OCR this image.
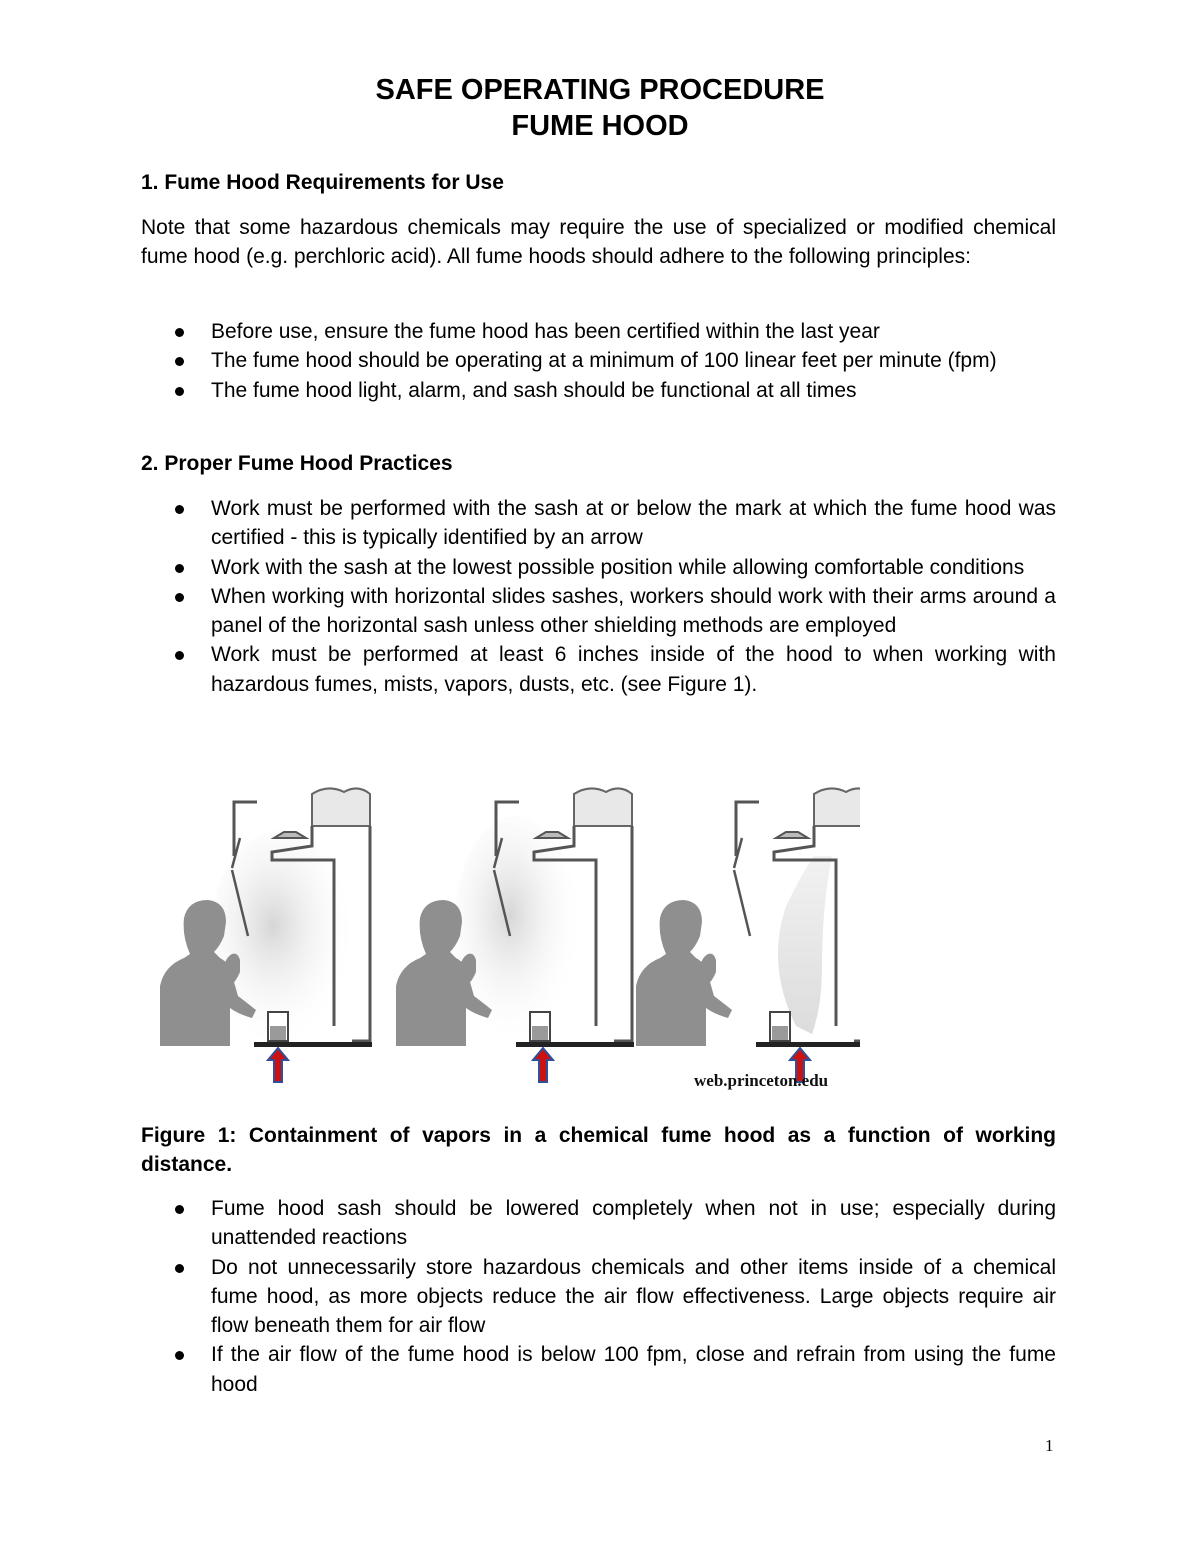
SAFE OPERATING PROCEDURE
FUME HOOD
1. Fume Hood Requirements for Use
Note that some hazardous chemicals may require the use of specialized or modified chemical fume hood (e.g. perchloric acid). All fume hoods should adhere to the following principles:
Before use, ensure the fume hood has been certified within the last year
The fume hood should be operating at a minimum of 100 linear feet per minute (fpm)
The fume hood light, alarm, and sash should be functional at all times
2. Proper Fume Hood Practices
Work must be performed with the sash at or below the mark at which the fume hood was certified - this is typically identified by an arrow
Work with the sash at the lowest possible position while allowing comfortable conditions
When working with horizontal slides sashes, workers should work with their arms around a panel of the horizontal sash unless other shielding methods are employed
Work must be performed at least 6 inches inside of the hood to when working with hazardous fumes, mists, vapors, dusts, etc. (see Figure 1).
web.princeton.edu
Figure 1: Containment of vapors in a chemical fume hood as a function of working distance.
Fume hood sash should be lowered completely when not in use; especially during unattended reactions
Do not unnecessarily store hazardous chemicals and other items inside of a chemical fume hood, as more objects reduce the air flow effectiveness. Large objects require air flow beneath them for air flow
If the air flow of the fume hood is below 100 fpm, close and refrain from using the fume hood
1
